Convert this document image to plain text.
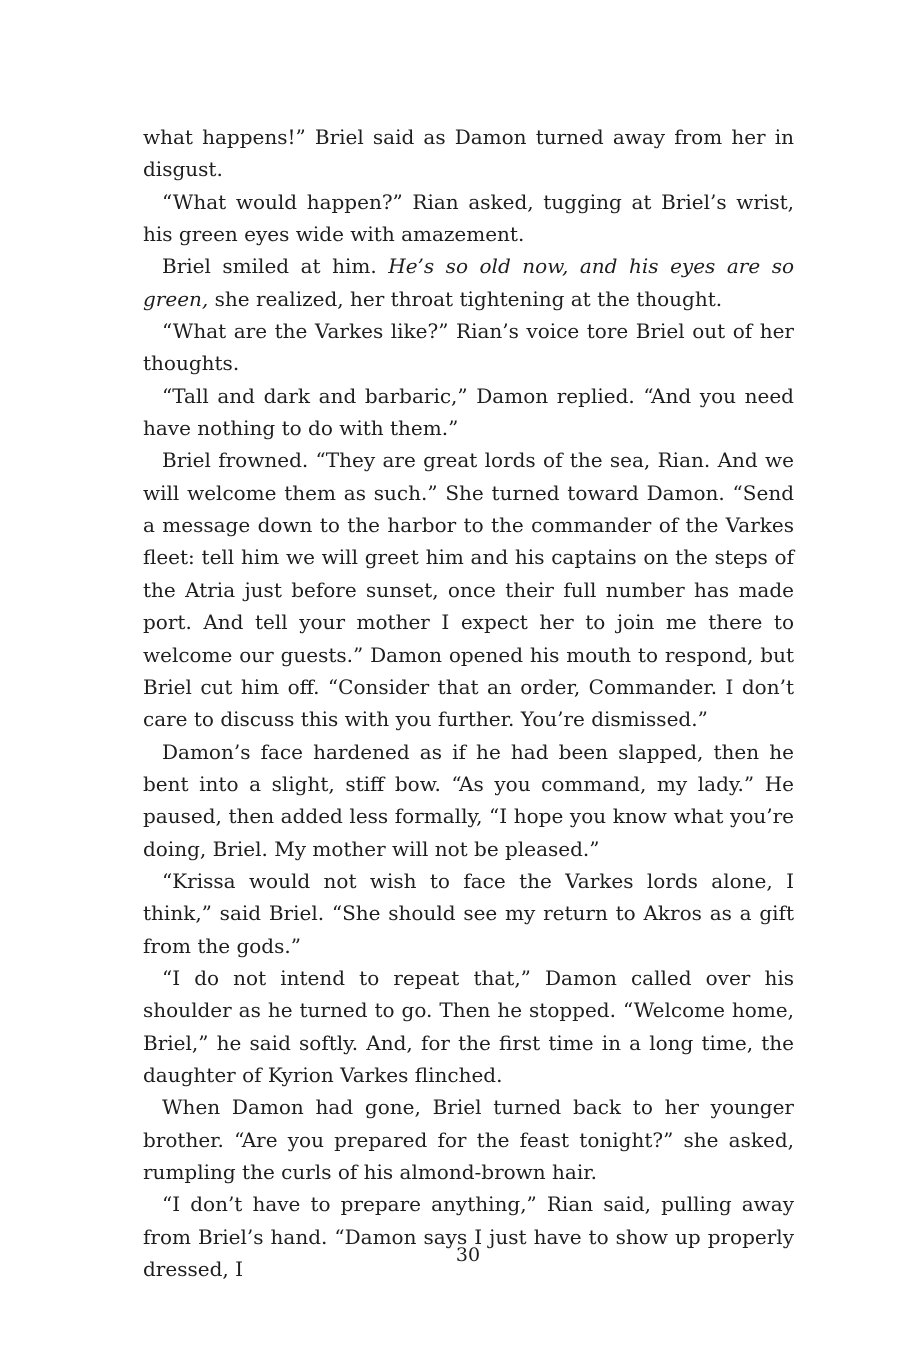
what happens!” Briel said as Damon turned away from her in disgust.

“What would happen?” Rian asked, tugging at Briel’s wrist, his green eyes wide with amazement.

Briel smiled at him. He’s so old now, and his eyes are so green, she realized, her throat tightening at the thought.

“What are the Varkes like?” Rian’s voice tore Briel out of her thoughts.

“Tall and dark and barbaric,” Damon replied. “And you need have nothing to do with them.”

Briel frowned. “They are great lords of the sea, Rian. And we will welcome them as such.” She turned toward Damon. “Send a message down to the harbor to the commander of the Varkes fleet: tell him we will greet him and his captains on the steps of the Atria just before sunset, once their full number has made port. And tell your mother I expect her to join me there to welcome our guests.” Damon opened his mouth to respond, but Briel cut him off. “Consider that an order, Commander. I don’t care to discuss this with you further. You’re dismissed.”

Damon’s face hardened as if he had been slapped, then he bent into a slight, stiff bow. “As you command, my lady.” He paused, then added less formally, “I hope you know what you’re doing, Briel. My mother will not be pleased.”

“Krissa would not wish to face the Varkes lords alone, I think,” said Briel. “She should see my return to Akros as a gift from the gods.”

“I do not intend to repeat that,” Damon called over his shoulder as he turned to go. Then he stopped. “Welcome home, Briel,” he said softly. And, for the first time in a long time, the daughter of Kyrion Varkes flinched.

When Damon had gone, Briel turned back to her younger brother. “Are you prepared for the feast tonight?” she asked, rumpling the curls of his almond-brown hair.

“I don’t have to prepare anything,” Rian said, pulling away from Briel’s hand. “Damon says I just have to show up properly dressed, I

30
